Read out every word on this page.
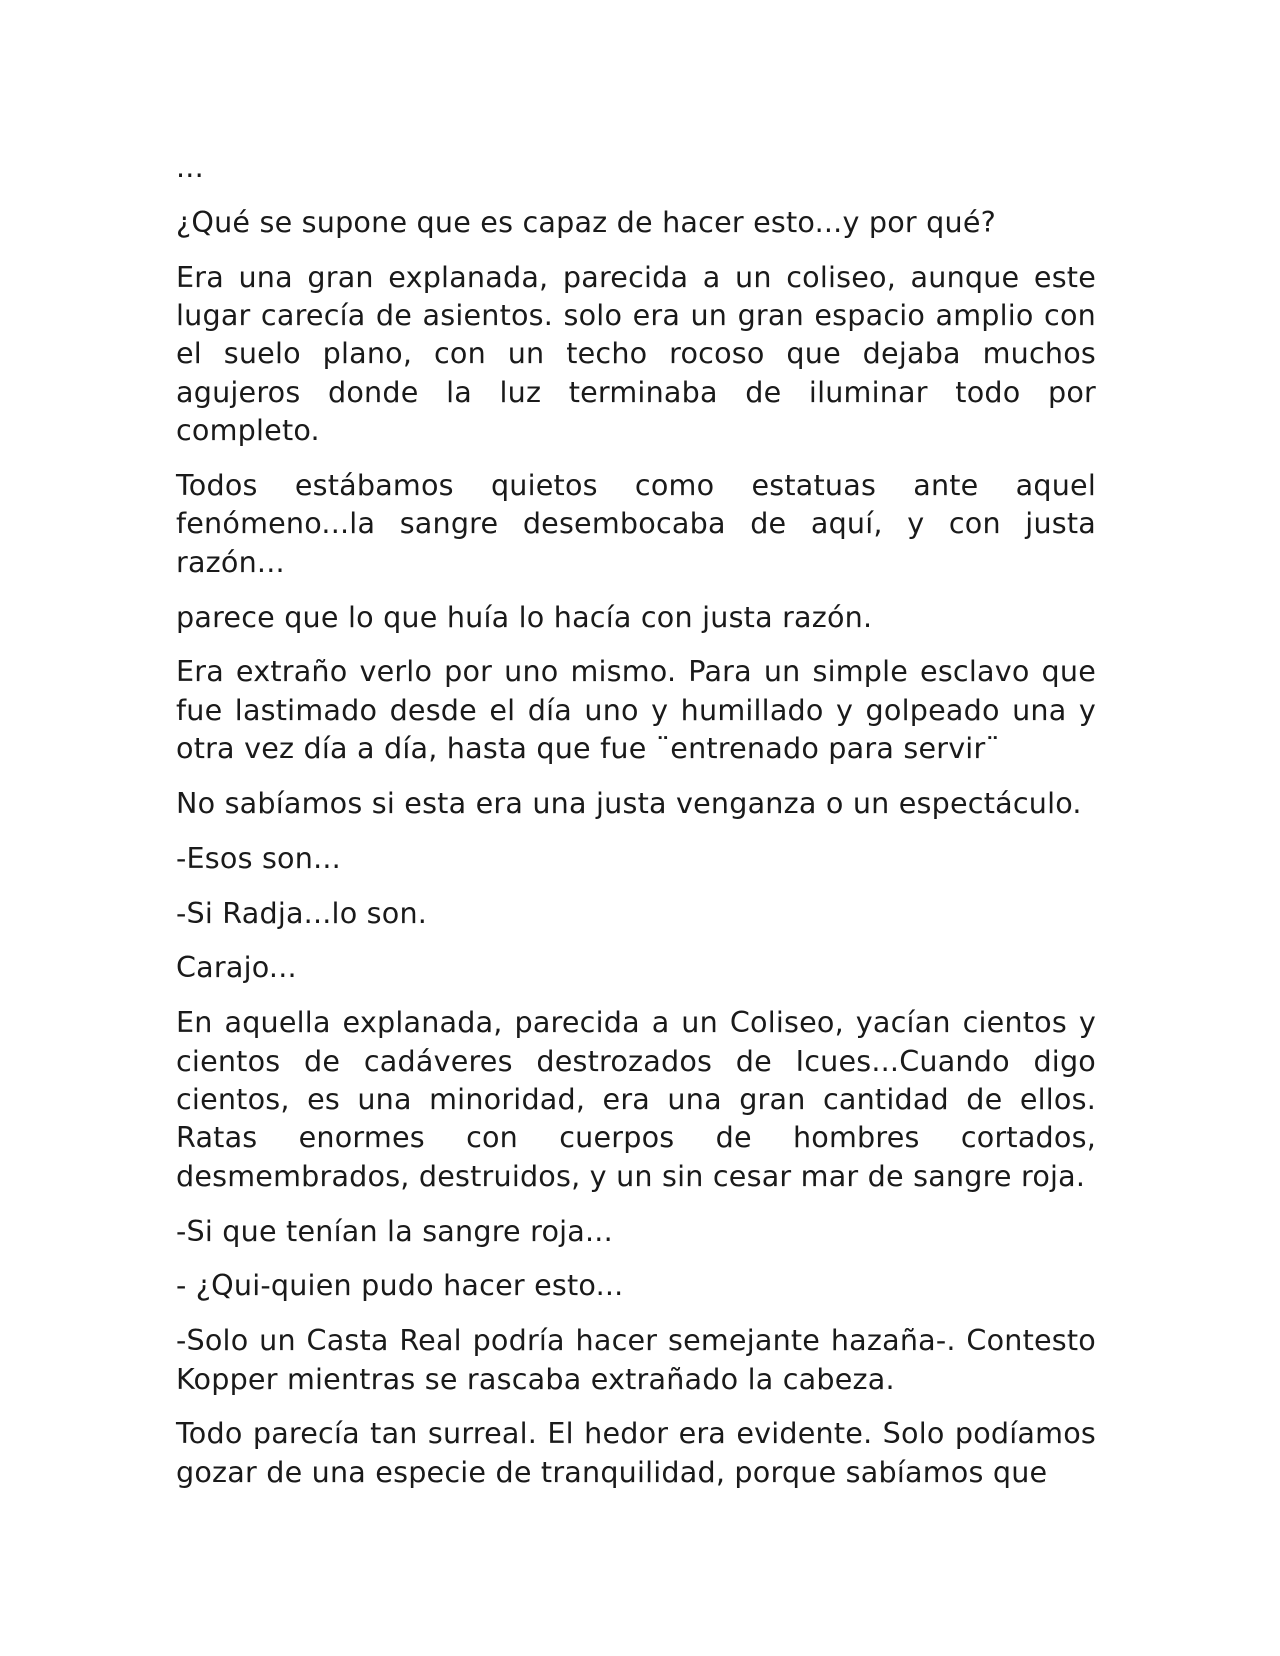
...

¿Qué se supone que es capaz de hacer esto...y por qué?

Era una gran explanada, parecida a un coliseo, aunque este lugar carecía de asientos. solo era un gran espacio amplio con el suelo plano, con un techo rocoso que dejaba muchos agujeros donde la luz terminaba de iluminar todo por completo.

Todos estábamos quietos como estatuas ante aquel fenómeno...la sangre desembocaba de aquí, y con justa razón...

parece que lo que huía lo hacía con justa razón.

Era extraño verlo por uno mismo. Para un simple esclavo que fue lastimado desde el día uno y humillado y golpeado una y otra vez día a día, hasta que fue ¨entrenado para servir¨

No sabíamos si esta era una justa venganza o un espectáculo.

-Esos son...

-Si Radja...lo son.

Carajo...

En aquella explanada, parecida a un Coliseo, yacían cientos y cientos de cadáveres destrozados de Icues...Cuando digo cientos, es una minoridad, era una gran cantidad de ellos. Ratas enormes con cuerpos de hombres cortados, desmembrados, destruidos, y un sin cesar mar de sangre roja.

-Si que tenían la sangre roja...

- ¿Qui-quien pudo hacer esto...

-Solo un Casta Real podría hacer semejante hazaña-. Contesto Kopper mientras se rascaba extrañado la cabeza.

Todo parecía tan surreal. El hedor era evidente. Solo podíamos gozar de una especie de tranquilidad, porque sabíamos que
